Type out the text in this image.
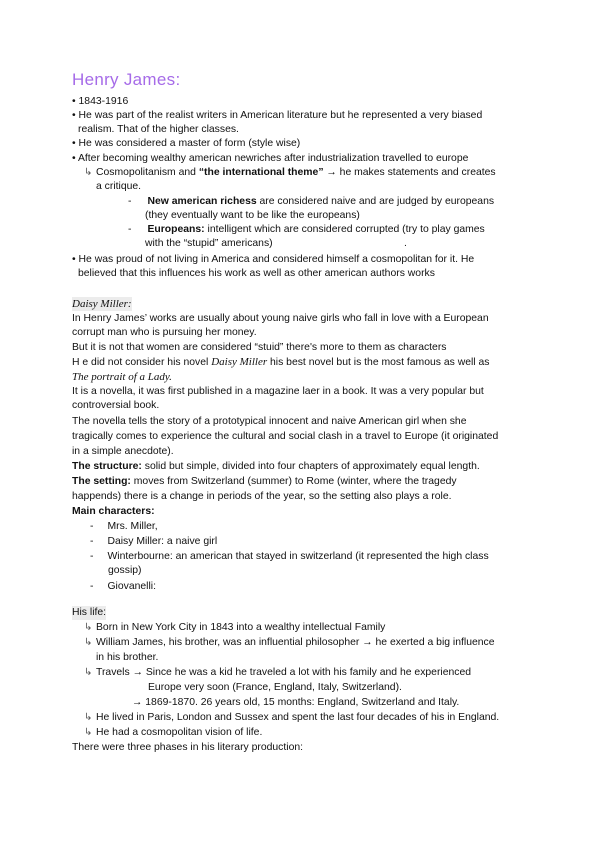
Henry James:
• 1843-1916
• He was part of the realist writers in American literature but he represented a very biased
realism. That of the higher classes.
• He was considered a master of form (style wise)
• After becoming wealthy american newriches after industrialization travelled to europe
↳ Cosmopolitanism and “the international theme” → he makes statements and creates
a critique.
- New american richess are considered naive and are judged by europeans
(they eventually want to be like the europeans)
- Europeans: intelligent which are considered corrupted (try to play games
with the “stupid” americans)	.
• He was proud of not living in America and considered himself a cosmopolitan for it. He
believed that this influences his work as well as other american authors works
Daisy Miller:
In Henry James’ works are usually about young naive girls who fall in love with a European
corrupt man who is pursuing her money.
But it is not that women are considered “stuid” there's more to them as characters
H e did not consider his novel Daisy Miller his best novel but is the most famous as well as
The portrait of a Lady.
It is a novella, it was first published in a magazine laer in a book. It was a very popular but
controversial book.
The novella tells the story of a prototypical innocent and naive American girl when she
tragically comes to experience the cultural and social clash in a travel to Europe (it originated
in a simple anecdote).
The structure: solid but simple, divided into four chapters of approximately equal length.
The setting: moves from Switzerland (summer) to Rome (winter, where the tragedy
happends) there is a change in periods of the year, so the setting also plays a role.
Main characters:
- Mrs. Miller,
- Daisy Miller: a naive girl
- Winterbourne: an american that stayed in switzerland (it represented the high class
gossip)
- Giovanelli:
His life:
↳ Born in New York City in 1843 into a wealthy intellectual Family
↳ William James, his brother, was an influential philosopher → he exerted a big influence
in his brother.
↳ Travels → Since he was a kid he traveled a lot with his family and he experienced
Europe very soon (France, England, Italy, Switzerland).
→ 1869-1870. 26 years old, 15 months: England, Switzerland and Italy.
↳ He lived in Paris, London and Sussex and spent the last four decades of his in England.
↳ He had a cosmopolitan vision of life.
There were three phases in his literary production:
